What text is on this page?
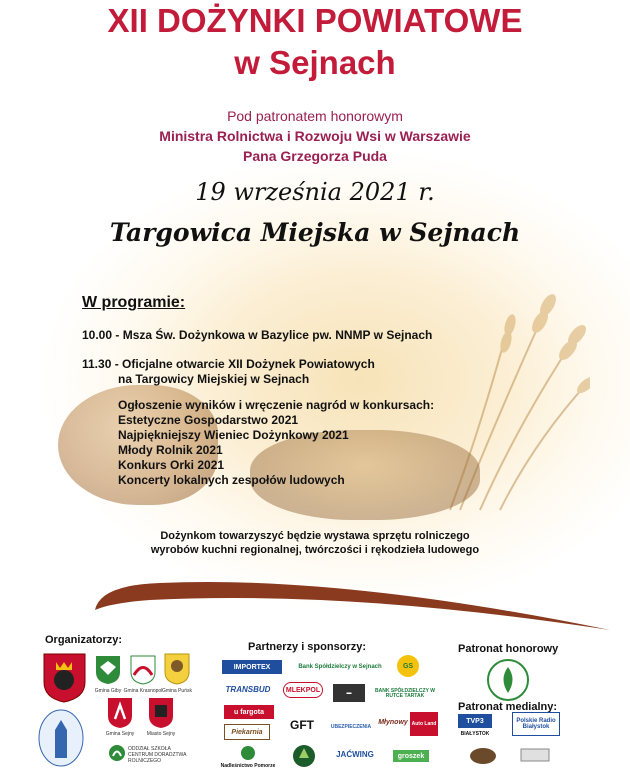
XII DOŻYNKI POWIATOWE
w Sejnach
Pod patronatem honorowym
Ministra Rolnictwa i Rozwoju Wsi w Warszawie
Pana Grzegorza Puda
19 września 2021 r.
Targowica Miejska w Sejnach
W programie:
10.00 - Msza Św. Dożynkowa w Bazylice pw. NNMP w Sejnach
11.30 - Oficjalne otwarcie XII Dożynek Powiatowych
na Targowicy Miejskiej w Sejnach
Ogłoszenie wyników i wręczenie nagród w konkursach:
Estetyczne Gospodarstwo 2021
Najpiękniejszy Wieniec Dożynkowy 2021
Młody Rolnik 2021
Konkurs Orki 2021
Koncerty lokalnych zespołów ludowych
Dożynkom towarzyszyć będzie wystawa sprzętu rolniczego
wyrobów kuchni regionalnej, twórczości i rękodzieła ludowego
Organizatorzy:
Partnerzy i sponsorzy:	Patronat honorowy
Patronat medialny:
Gmina Giby Gmina Krasnopol Gmina Puńsk
Gmina Sejny	Miasto Sejny
ODDZIAŁ SZKOŁA CENTRUM DORADZTWA ROLNICZEGO
IMPORTEX	Bank Spółdzielczy w Sejnach	GS
TRANSBUD	MLEKPOL	▬	BANK SPÓŁDZIELCZY W RUTCE TARTAK
u fargota
GFT	UBEZPIECZENIA
Młynowy Auto Land
Piekarnia
Nadleśnictwo Pomorze
JAĆWING	groszek
TVP3
BIAŁYSTOK
Polskie Radio Białystok
